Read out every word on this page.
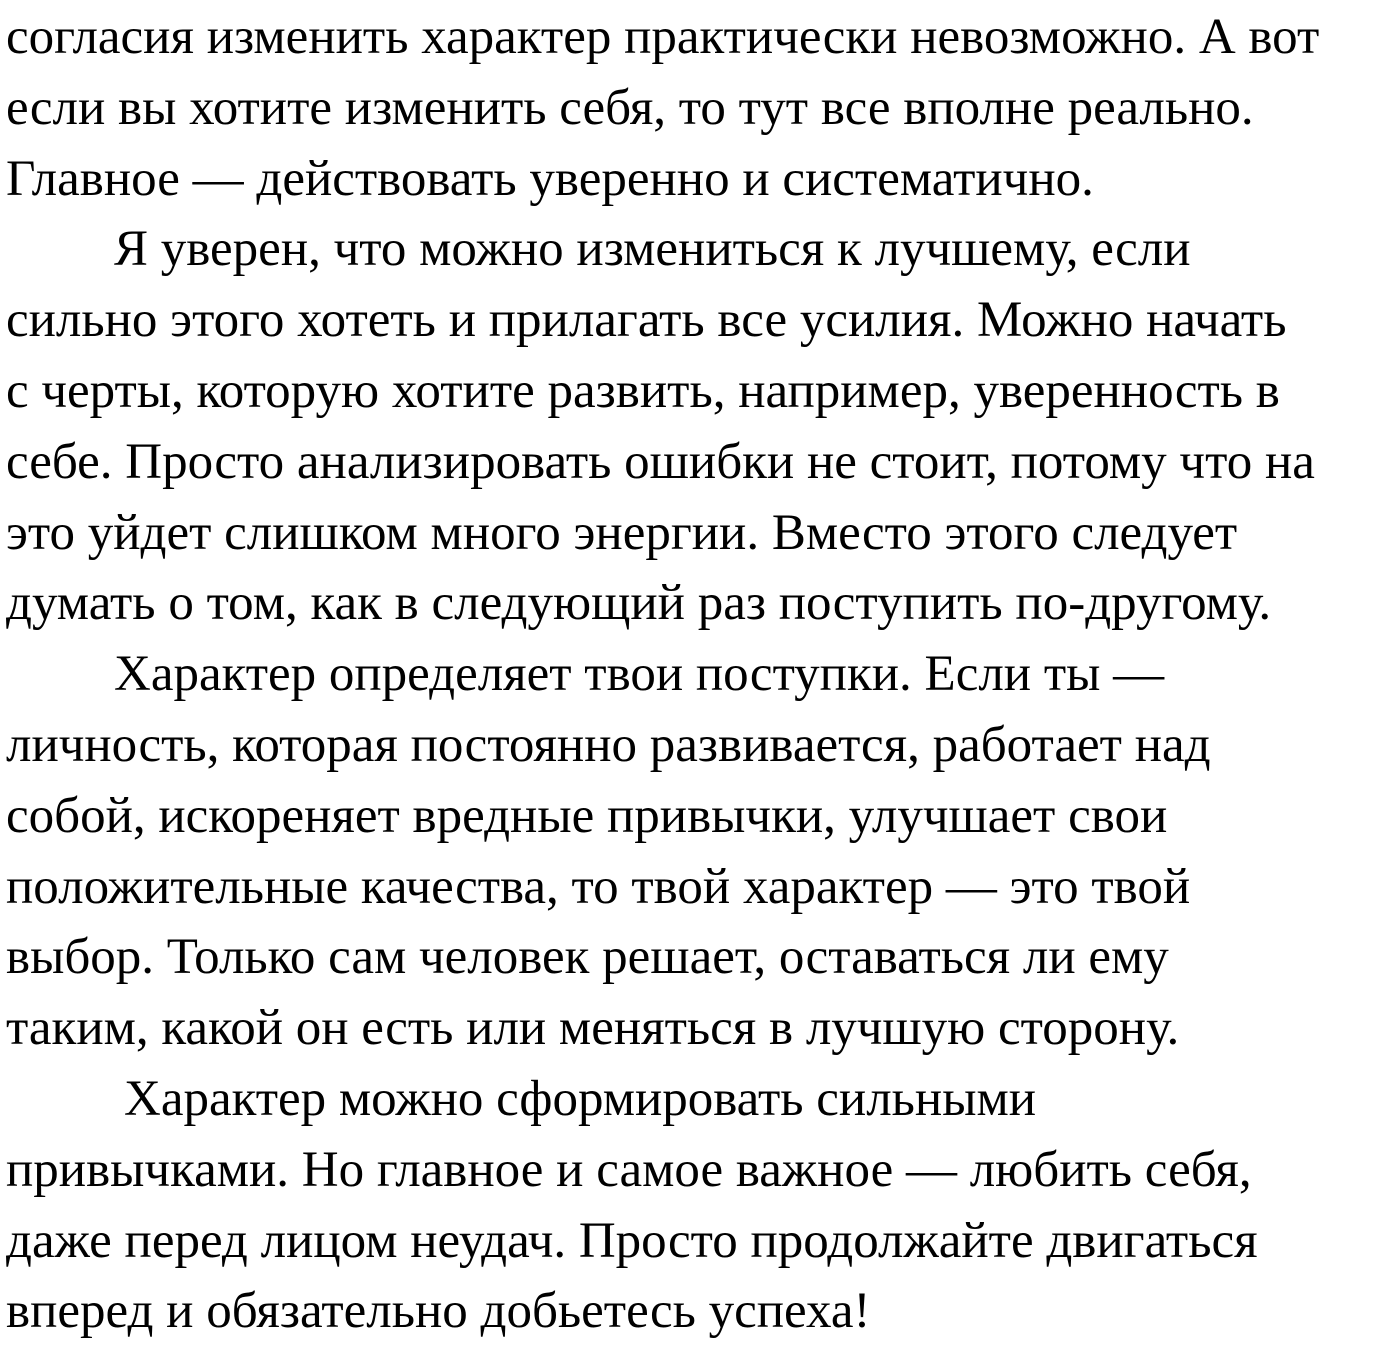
согласия изменить характер практически невозможно. А вот
если вы хотите изменить себя, то тут все вполне реально.
Главное — действовать уверенно и систематично.
Я уверен, что можно измениться к лучшему, если
сильно этого хотеть и прилагать все усилия. Можно начать
с черты, которую хотите развить, например, уверенность в
себе. Просто анализировать ошибки не стоит, потому что на
это уйдет слишком много энергии. Вместо этого следует
думать о том, как в следующий раз поступить по-другому.
Характер определяет твои поступки. Если ты —
личность, которая постоянно развивается, работает над
собой, искореняет вредные привычки, улучшает свои
положительные качества, то твой характер — это твой
выбор. Только сам человек решает, оставаться ли ему
таким, какой он есть или меняться в лучшую сторону.
Характер можно сформировать сильными
привычками. Но главное и самое важное — любить себя,
даже перед лицом неудач. Просто продолжайте двигаться
вперед и обязательно добьетесь успеха!
